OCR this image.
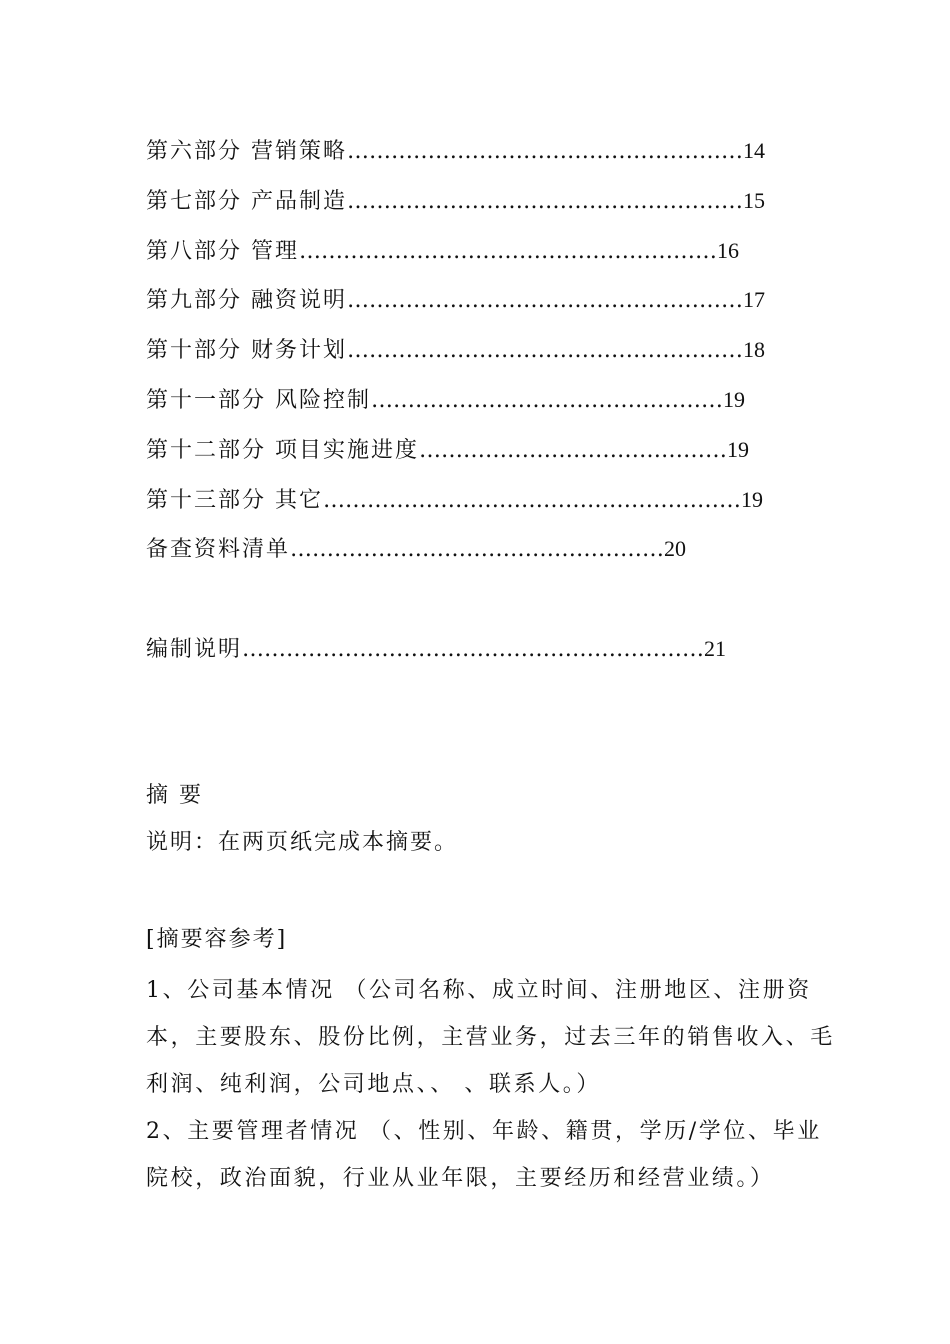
第六部分 营销策略………………………………………………14
第七部分 产品制造………………………………………………15
第八部分 管理…………………………………………………16
第九部分 融资说明………………………………………………17
第十部分 财务计划………………………………………………18
第十一部分 风险控制…………………………………………19
第十二部分 项目实施进度……………………………………19
第十三部分 其它…………………………………………………19
备查资料清单……………………………………………20
编制说明………………………………………………………21
摘 要
说明：在两页纸完成本摘要。
[摘要容参考]
1、公司基本情况 （公司名称、成立时间、注册地区、注册资本，主要股东、股份比例，主营业务，过去三年的销售收入、毛利润、纯利润，公司地点、、 、联系人。）
2、主要管理者情况 （、性别、年龄、籍贯，学历/学位、毕业院校，政治面貌，行业从业年限，主要经历和经营业绩。）
